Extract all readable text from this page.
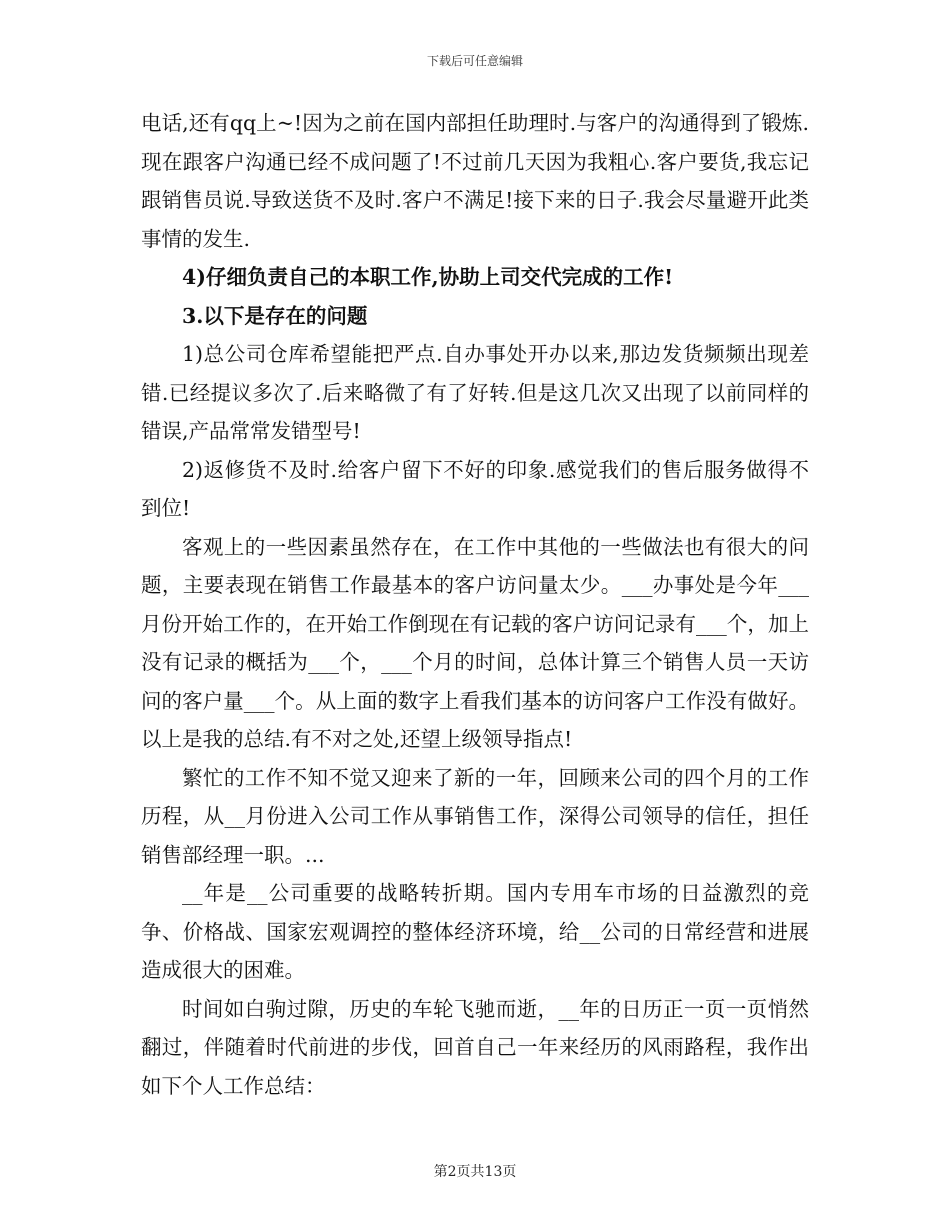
下载后可任意编辑

电话,还有qq上~!因为之前在国内部担任助理时.与客户的沟通得到了锻炼.现在跟客户沟通已经不成问题了!不过前几天因为我粗心.客户要货,我忘记跟销售员说.导致送货不及时.客户不满足!接下来的日子.我会尽量避开此类事情的发生.

4)仔细负责自己的本职工作,协助上司交代完成的工作!

3.以下是存在的问题

1)总公司仓库希望能把严点.自办事处开办以来,那边发货频频出现差错.已经提议多次了.后来略微了有了好转.但是这几次又出现了以前同样的错误,产品常常发错型号!

2)返修货不及时.给客户留下不好的印象.感觉我们的售后服务做得不到位!

客观上的一些因素虽然存在，在工作中其他的一些做法也有很大的问题，主要表现在销售工作最基本的客户访问量太少。___办事处是今年___月份开始工作的，在开始工作倒现在有记载的客户访问记录有___个，加上没有记录的概括为___个，___个月的时间，总体计算三个销售人员一天访问的客户量___个。从上面的数字上看我们基本的访问客户工作没有做好。以上是我的总结.有不对之处,还望上级领导指点!

繁忙的工作不知不觉又迎来了新的一年，回顾来公司的四个月的工作历程，从__月份进入公司工作从事销售工作，深得公司领导的信任，担任销售部经理一职。...

__年是__公司重要的战略转折期。国内专用车市场的日益激烈的竞争、价格战、国家宏观调控的整体经济环境，给__公司的日常经营和进展造成很大的困难。

时间如白驹过隙，历史的车轮飞驰而逝，__年的日历正一页一页悄然翻过，伴随着时代前进的步伐，回首自己一年来经历的风雨路程，我作出如下个人工作总结：

第2页共13页
